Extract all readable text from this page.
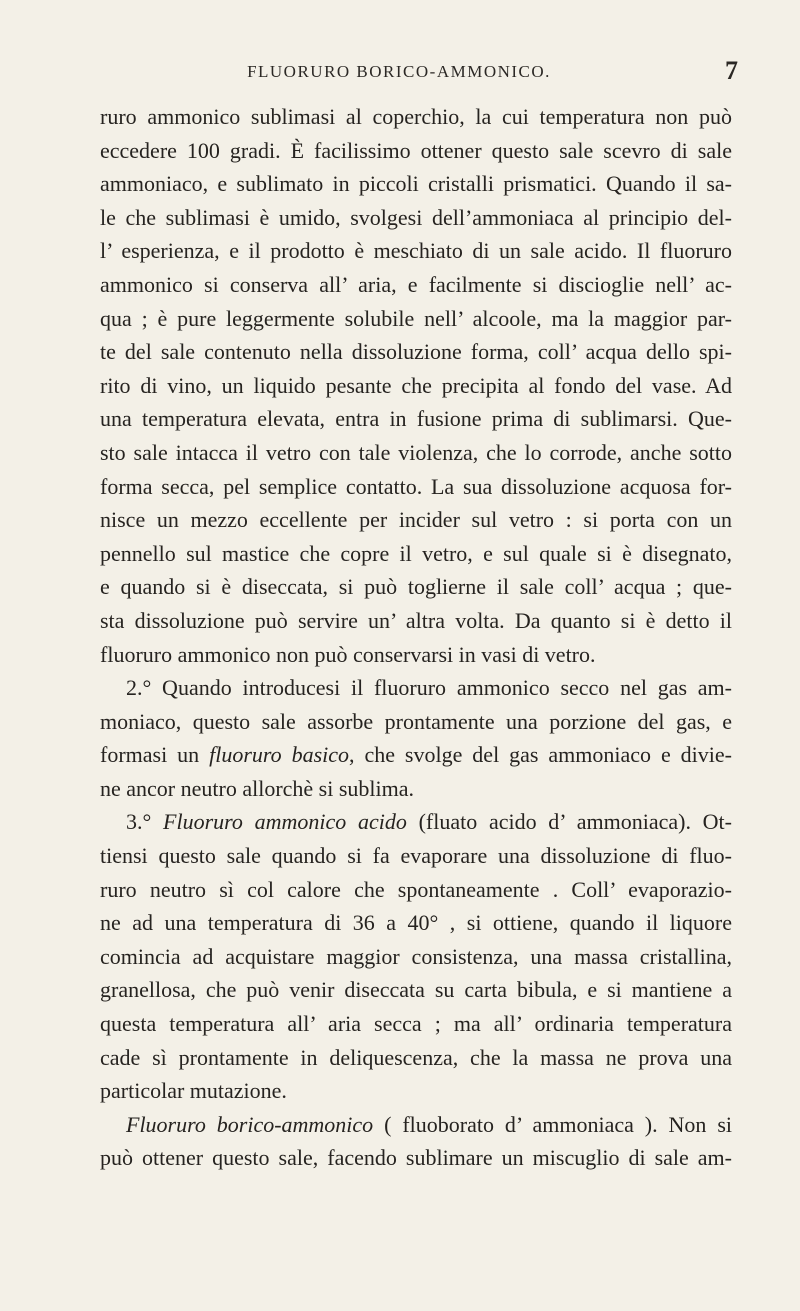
FLUORURO BORICO-AMMONICO.	7
ruro ammonico sublimasi al coperchio, la cui temperatura non può
eccedere 100 gradi. È facilissimo ottener questo sale scevro di sale
ammoniaco, e sublimato in piccoli cristalli prismatici. Quando il sa-
le che sublimasi è umido, svolgesi dell’ammoniaca al principio del-
l’ esperienza, e il prodotto è meschiato di un sale acido. Il fluoruro
ammonico si conserva all’ aria, e facilmente si discioglie nell’ ac-
qua ; è pure leggermente solubile nell’ alcoole, ma la maggior par-
te del sale contenuto nella dissoluzione forma, coll’ acqua dello spi-
rito di vino, un liquido pesante che precipita al fondo del vase. Ad
una temperatura elevata, entra in fusione prima di sublimarsi. Que-
sto sale intacca il vetro con tale violenza, che lo corrode, anche sotto
forma secca, pel semplice contatto. La sua dissoluzione acquosa for-
nisce un mezzo eccellente per incider sul vetro : si porta con un
pennello sul mastice che copre il vetro, e sul quale si è disegnato,
e quando si è diseccata, si può toglierne il sale coll’ acqua ; que-
sta dissoluzione può servire un’ altra volta. Da quanto si è detto il
fluoruro ammonico non può conservarsi in vasi di vetro.
2.° Quando introducesi il fluoruro ammonico secco nel gas am-
moniaco, questo sale assorbe prontamente una porzione del gas, e
formasi un fluoruro basico, che svolge del gas ammoniaco e divie-
ne ancor neutro allorchè si sublima.
3.° Fluoruro ammonico acido (fluato acido d’ ammoniaca). Ot-
tiensi questo sale quando si fa evaporare una dissoluzione di fluo-
ruro neutro sì col calore che spontaneamente . Coll’ evaporazio-
ne ad una temperatura di 36 a 40° , si ottiene, quando il liquore
comincia ad acquistare maggior consistenza, una massa cristallina,
granellosa, che può venir diseccata su carta bibula, e si mantiene a
questa temperatura all’ aria secca ; ma all’ ordinaria temperatura
cade sì prontamente in deliquescenza, che la massa ne prova una
particolar mutazione.
Fluoruro borico-ammonico ( fluoborato d’ ammoniaca ). Non si
può ottener questo sale, facendo sublimare un miscuglio di sale am-
